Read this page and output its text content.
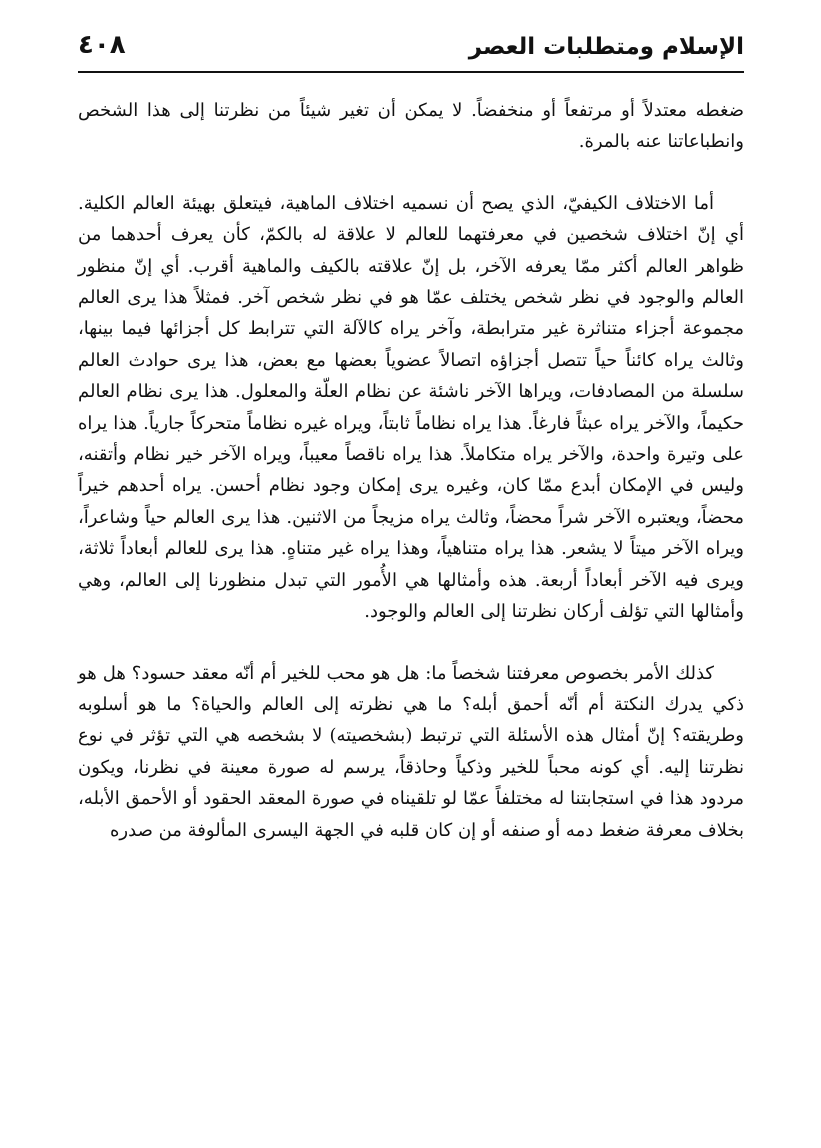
الإسلام ومتطلبات العصر
٤٠٨

ضغطه معتدلاً أو مرتفعاً أو منخفضاً. لا يمكن أن تغير شيئاً من نظرتنا إلى هذا الشخص وانطباعاتنا عنه بالمرة.

أما الاختلاف الكيفيّ، الذي يصح أن نسميه اختلاف الماهية، فيتعلق بهيئة العالم الكلية. أي إنّ اختلاف شخصين في معرفتهما للعالم لا علاقة له بالكمّ، كأن يعرف أحدهما من ظواهر العالم أكثر ممّا يعرفه الآخر، بل إنّ علاقته بالكيف والماهية أقرب. أي إنّ منظور العالم والوجود في نظر شخص يختلف عمّا هو في نظر شخص آخر. فمثلاً هذا يرى العالم مجموعة أجزاء متناثرة غير مترابطة، وآخر يراه كالآلة التي تترابط كل أجزائها فيما بينها، وثالث يراه كائناً حياً تتصل أجزاؤه اتصالاً عضوياً بعضها مع بعض، هذا يرى حوادث العالم سلسلة من المصادفات، ويراها الآخر ناشئة عن نظام العلّة والمعلول. هذا يرى نظام العالم حكيماً، والآخر يراه عبثاً فارغاً. هذا يراه نظاماً ثابتاً، ويراه غيره نظاماً متحركاً جارياً. هذا يراه على وتيرة واحدة، والآخر يراه متكاملاً. هذا يراه ناقصاً معيباً، ويراه الآخر خير نظام وأتقنه، وليس في الإمكان أبدع ممّا كان، وغيره يرى إمكان وجود نظام أحسن. يراه أحدهم خيراً محضاً، ويعتبره الآخر شراً محضاً، وثالث يراه مزيجاً من الاثنين. هذا يرى العالم حياً وشاعراً، ويراه الآخر ميتاً لا يشعر. هذا يراه متناهياً، وهذا يراه غير متناهٍ. هذا يرى للعالم أبعاداً ثلاثة، ويرى فيه الآخر أبعاداً أربعة. هذه وأمثالها هي الأُمور التي تبدل منظورنا إلى العالم، وهي وأمثالها التي تؤلف أركان نظرتنا إلى العالم والوجود.

كذلك الأمر بخصوص معرفتنا شخصاً ما: هل هو محب للخير أم أنّه معقد حسود؟ هل هو ذكي يدرك النكتة أم أنّه أحمق أبله؟ ما هي نظرته إلى العالم والحياة؟ ما هو أسلوبه وطريقته؟ إنّ أمثال هذه الأسئلة التي ترتبط (بشخصيته) لا بشخصه هي التي تؤثر في نوع نظرتنا إليه. أي كونه محباً للخير وذكياً وحاذقاً، يرسم له صورة معينة في نظرنا، ويكون مردود هذا في استجابتنا له مختلفاً عمّا لو تلقيناه في صورة المعقد الحقود أو الأحمق الأبله، بخلاف معرفة ضغط دمه أو صنفه أو إن كان قلبه في الجهة اليسرى المألوفة من صدره
